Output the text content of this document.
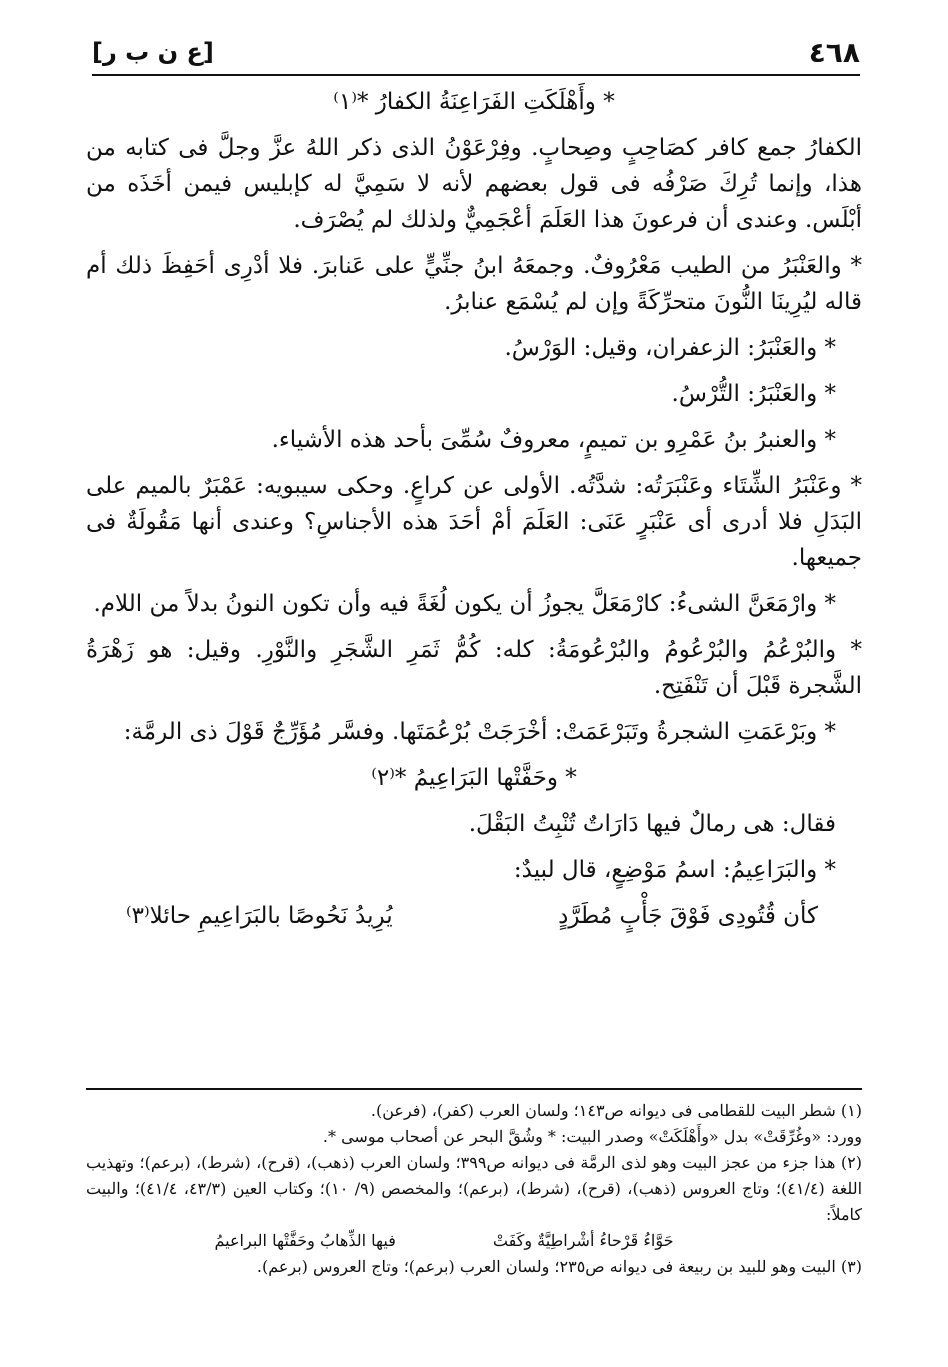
٤٦٨
[ع ن ب ر]

* وأَهْلَكَتِ الفَرَاعِنَةُ الكفارُ *⁽١⁾

الكفارُ جمع كافر كصَاحِبٍ وصِحابٍ. وفِرْعَوْنُ الذى ذكر اللهُ عزَّ وجلَّ فى كتابه من هذا، وإنما تُرِكَ صَرْفُه فى قول بعضهم لأنه لا سَمِيَّ له كإبليس فيمن أخَذَه من أبْلَس. وعندى أن فرعونَ هذا العَلَمَ أعْجَمِيٌّ ولذلك لم يُصْرَف.

* والعَنْبَرُ من الطيب مَعْرُوفٌ. وجمعَهُ ابنُ جنِّيٍّ على عَنابرَ. فلا أدْرِى أحَفِظَ ذلك أم قاله ليُرِينَا النُّونَ متحرِّكَةً وإن لم يُسْمَع عنابرُ.

* والعَنْبَرُ: الزعفران، وقيل: الوَرْسُ.

* والعَنْبَرُ: التُّرْسُ.

* والعنبرُ بنُ عَمْرِو بن تميمٍ، معروفٌ سُمِّىَ بأحد هذه الأشياء.

* وعَنْبَرُ الشِّتَاء وعَنْبَرَتُه: شدَّتُه. الأولى عن كراعٍ. وحكى سيبويه: عَمْبَرٌ بالميم على البَدَلِ فلا أدرى أى عَنْبَرٍ عَنَى: العَلَمَ أمْ أحَدَ هذه الأجناسِ؟ وعندى أنها مَقُولَةٌ فى جميعها.

* وارْمَعَنَّ الشىءُ: كارْمَعَلَّ يجوزُ أن يكون لُغَةً فيه وأن تكون النونُ بدلاً من اللام.

* والبُرْعُمُ والبُرْعُومُ والبُرْعُومَةُ: كله: كُمُّ ثَمَرِ الشَّجَرِ والنَّوْرِ. وقيل: هو زَهْرَةُ الشَّجرة قَبْلَ أن تَنْفَتِح.

* وبَرْعَمَتِ الشجرةُ وتَبَرْعَمَتْ: أخْرَجَتْ بُرْعُمَتَها. وفسَّر مُؤَرِّجٌ قَوْلَ ذى الرمَّة:

* وحَفَّتْها البَرَاعِيمُ *⁽٢⁾

فقال: هى رمالٌ فيها دَارَاتٌ تُنْبِتُ البَقْلَ.

* والبَرَاعِيمُ: اسمُ مَوْضِعٍ، قال لبيدٌ:

كأن قُتُودِى فَوْقَ جَأْبٍ مُطَرَّدٍ
يُرِيدُ نَحُوصًا بالبَرَاعِيمِ حائلا⁽٣⁾

(١) شطر البيت للقطامى فى ديوانه ص١٤٣؛ ولسان العرب (كفر)، (فرعن).

وورد: «وغُرِّقَتْ» بدل «وأَهْلَكَتْ» وصدر البيت: * وشُقَّ البحر عن أصحاب موسى *.

(٢) هذا جزء من عجز البيت وهو لذى الرمَّة فى ديوانه ص٣٩٩؛ ولسان العرب (ذهب)، (قرح)، (شرط)، (برعم)؛ وتهذيب اللغة (٤١/٤)؛ وتاج العروس (ذهب)، (قرح)، (شرط)، (برعم)؛ والمخصص (٩/ ١٠)؛ وكتاب العين (٤٣/٣، ٤١/٤)؛ والبيت كاملاً:

حَوَّاءُ قَرْحاءُ أشْراطِيَّةٌ وكَفَتْ
فيها الذِّهابُ وحَفَّتْها البراعيمُ

(٣) البيت وهو للبيد بن ربيعة فى ديوانه ص٢٣٥؛ ولسان العرب (برعم)؛ وتاج العروس (برعم).
